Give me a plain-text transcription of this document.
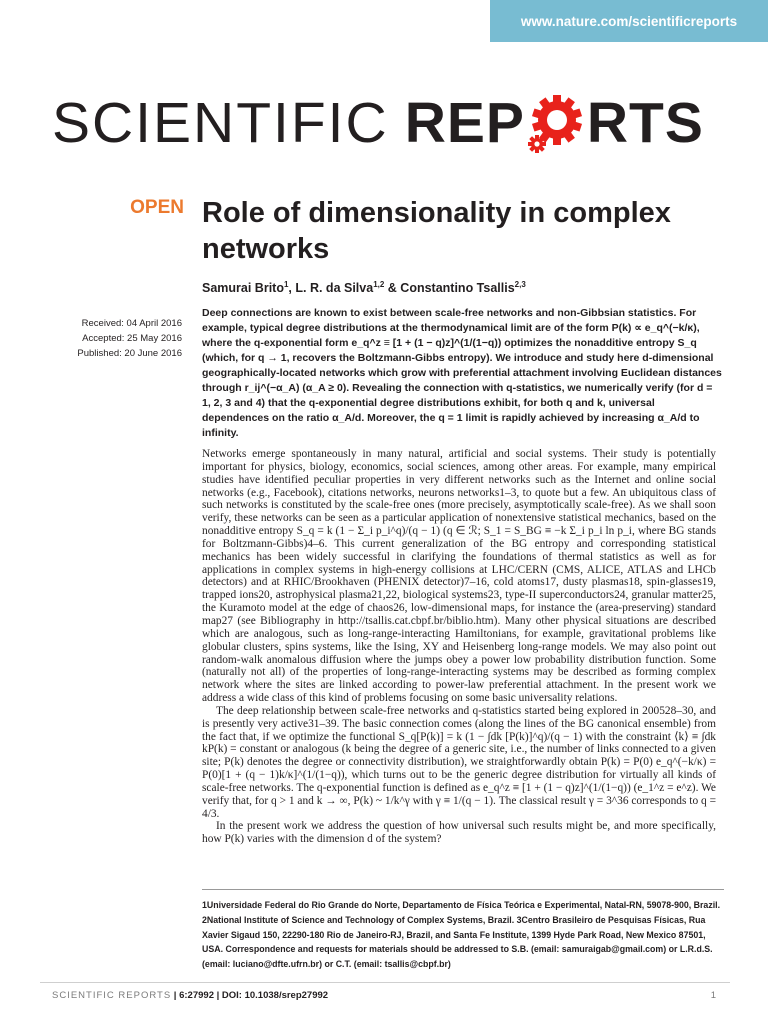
www.nature.com/scientificreports
SCIENTIFIC REP RTS
OPEN Role of dimensionality in complex
networks
Samurai Brito$^1$, L. R. da Silva$^{1,2}$ & Constantino Tsallis$^{2,3}$
Received: 04 April 2016
Accepted: 25 May 2016
Published: 20 June 2016
Deep connections are known to exist between scale-free networks and non-Gibbsian statistics. For example, typical degree distributions at the thermodynamical limit are of the form P(k) ∝ e_q^(−k/κ), where the q-exponential form e_q^z ≡ [1 + (1 − q)z]^(1/(1−q)) optimizes the nonadditive entropy S_q (which, for q → 1, recovers the Boltzmann-Gibbs entropy). We introduce and study here d-dimensional geographically-located networks which grow with preferential attachment involving Euclidean distances through r_ij^(−α_A) (α_A ≥ 0). Revealing the connection with q-statistics, we numerically verify (for d = 1, 2, 3 and 4) that the q-exponential degree distributions exhibit, for both q and k, universal dependences on the ratio α_A/d. Moreover, the q = 1 limit is rapidly achieved by increasing α_A/d to infinity.

Networks emerge spontaneously in many natural, artificial and social systems. Their study is potentially important for physics, biology, economics, social sciences, among other areas. For example, many empirical studies have identified peculiar properties in very different networks such as the Internet and online social networks (e.g., Facebook), citations networks, neurons networks1–3, to quote but a few. An ubiquitous class of such networks is constituted by the scale-free ones (more precisely, asymptotically scale-free). As we shall soon verify, these networks can be seen as a particular application of nonextensive statistical mechanics, based on the nonadditive entropy S_q = k (1 − Σ_i p_i^q)/(q − 1) (q ∈ ℛ; S_1 = S_BG ≡ −k Σ_i p_i ln p_i, where BG stands for Boltzmann-Gibbs)4–6. This current generalization of the BG entropy and corresponding statistical mechanics has been widely successful in clarifying the foundations of thermal statistics as well as for applications in complex systems in high-energy collisions at LHC/CERN (CMS, ALICE, ATLAS and LHCb detectors) and at RHIC/Brookhaven (PHENIX detector)7–16, cold atoms17, dusty plasmas18, spin-glasses19, trapped ions20, astrophysical plasma21,22, biological systems23, type-II superconductors24, granular matter25, the Kuramoto model at the edge of chaos26, low-dimensional maps, for instance the (area-preserving) standard map27 (see Bibliography in http://tsallis.cat.cbpf.br/biblio.htm). Many other physical situations are described which are analogous, such as long-range-interacting Hamiltonians, for example, gravitational problems like globular clusters, spins systems, like the Ising, XY and Heisenberg long-range models. We may also point out random-walk anomalous diffusion where the jumps obey a power low probability distribution function. Some (naturally not all) of the properties of long-range-interacting systems may be described as forming complex network where the sites are linked according to power-law preferential attachment. In the present work we address a wide class of this kind of problems focusing on some basic universality relations.

The deep relationship between scale-free networks and q-statistics started being explored in 200528–30, and is presently very active31–39. The basic connection comes (along the lines of the BG canonical ensemble) from the fact that, if we optimize the functional S_q[P(k)] = k (1 − ∫dk [P(k)]^q)/(q − 1) with the constraint ⟨k⟩ ≡ ∫dk kP(k) = constant or analogous (k being the degree of a generic site, i.e., the number of links connected to a given site; P(k) denotes the degree or connectivity distribution), we straightforwardly obtain P(k) = P(0) e_q^(−k/κ) = P(0)[1 + (q − 1)k/κ]^(1/(1−q)), which turns out to be the generic degree distribution for virtually all kinds of scale-free networks. The q-exponential function is defined as e_q^z ≡ [1 + (1 − q)z]^(1/(1−q)) (e_1^z = e^z). We verify that, for q > 1 and k → ∞, P(k) ~ 1/k^γ with γ ≡ 1/(q − 1). The classical result γ = 3^36 corresponds to q = 4/3.

In the present work we address the question of how universal such results might be, and more specifically, how P(k) varies with the dimension d of the system?

1Universidade Federal do Rio Grande do Norte, Departamento de Física Teórica e Experimental, Natal-RN, 59078-900, Brazil. 2National Institute of Science and Technology of Complex Systems, Brazil. 3Centro Brasileiro de Pesquisas Físicas, Rua Xavier Sigaud 150, 22290-180 Rio de Janeiro-RJ, Brazil, and Santa Fe Institute, 1399 Hyde Park Road, New Mexico 87501, USA. Correspondence and requests for materials should be addressed to S.B. (email: samuraigab@gmail.com) or L.R.d.S. (email: luciano@dfte.ufrn.br) or C.T. (email: tsallis@cbpf.br)
SCIENTIFIC REPORTS | 6:27992 | DOI: 10.1038/srep27992	1
